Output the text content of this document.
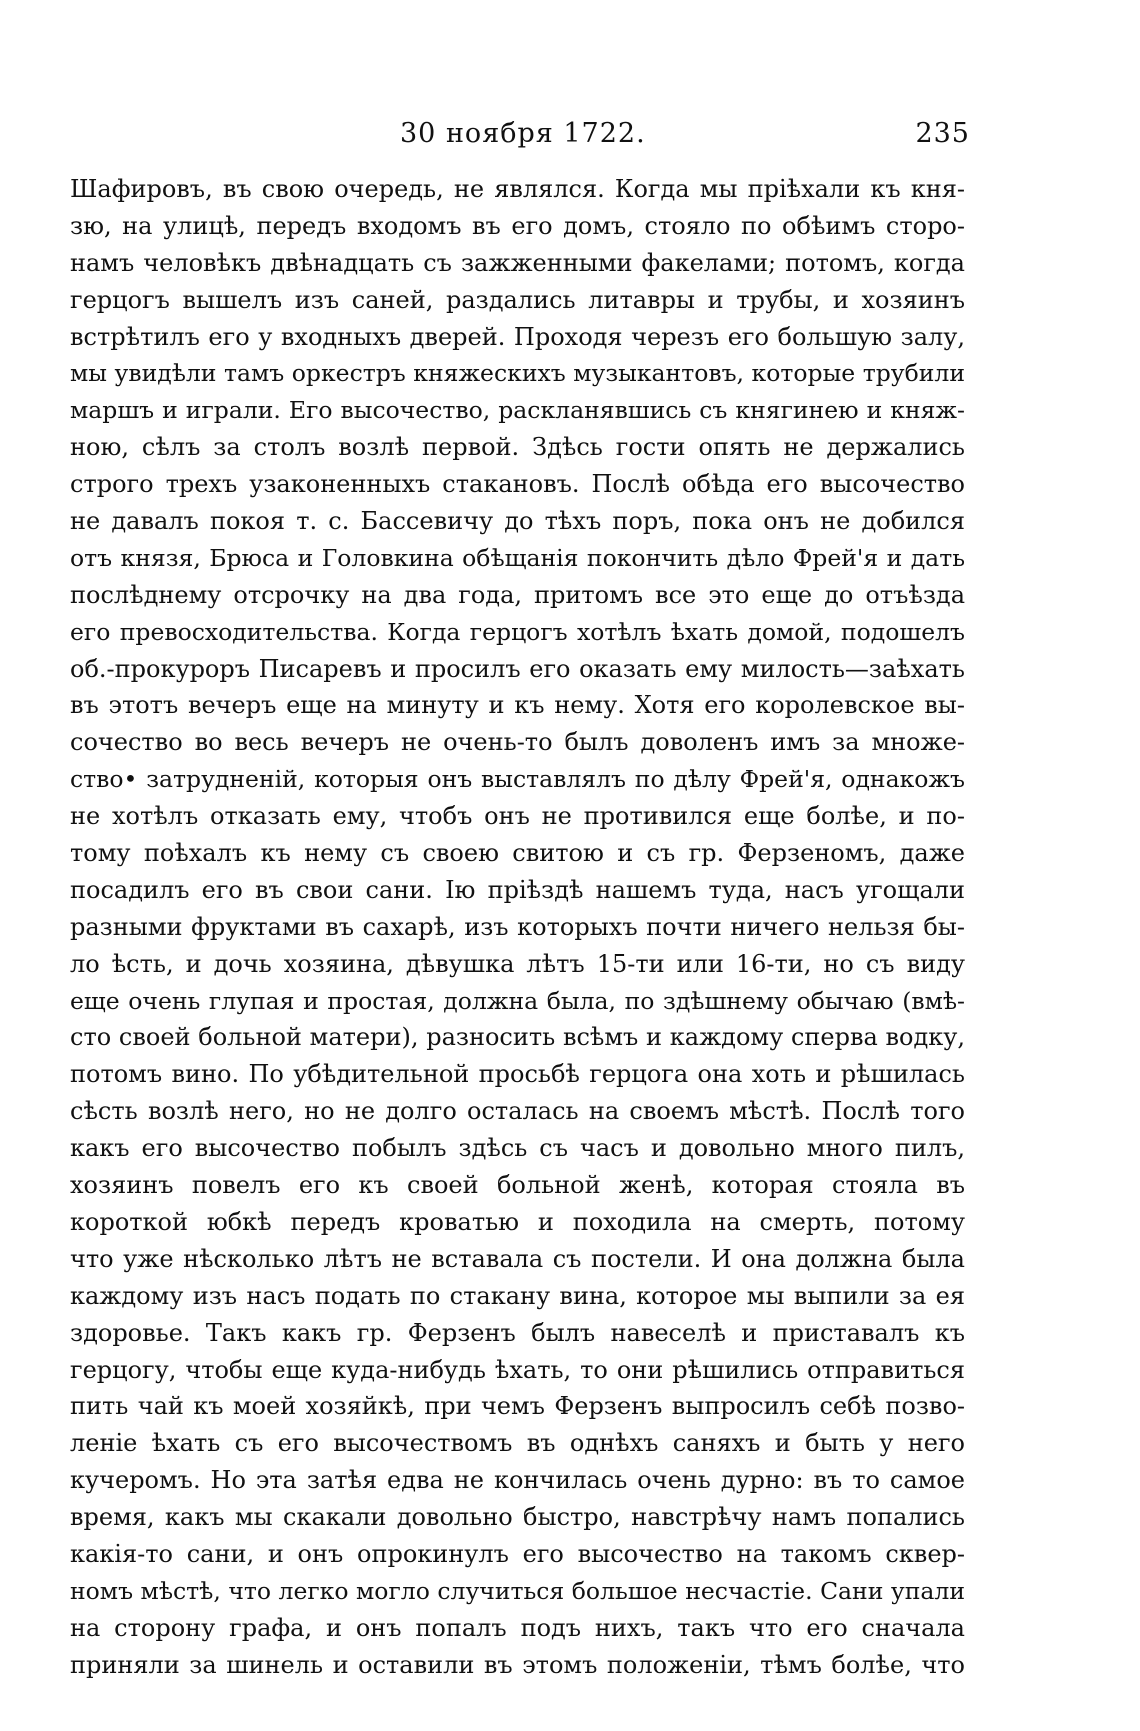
30 ноября 1722.	235
Шафировъ, въ свою очередь, не являлся. Когда мы пріѣхали къ кня-
зю, на улицѣ, передъ входомъ въ его домъ, стояло по обѣимъ сторо-
намъ человѣкъ двѣнадцать съ зажженными факелами; потомъ, когда
герцогъ вышелъ изъ саней, раздались литавры и трубы, и хозяинъ
встрѣтилъ его у входныхъ дверей. Проходя черезъ его большую залу,
мы увидѣли тамъ оркестръ княжескихъ музыкантовъ, которые трубили
маршъ и играли. Его высочество, раскланявшись съ княгинею и княж-
ною, сѣлъ за столъ возлѣ первой. Здѣсь гости опять не держались
строго трехъ узаконенныхъ стакановъ. Послѣ обѣда его высочество
не давалъ покоя т. с. Бассевичу до тѣхъ поръ, пока онъ не добился
отъ князя, Брюса и Головкина обѣщанія покончить дѣло Фрей'я и дать
послѣднему отсрочку на два года, притомъ все это еще до отъѣзда
его превосходительства. Когда герцогъ хотѣлъ ѣхать домой, подошелъ
об.-прокуроръ Писаревъ и просилъ его оказать ему милость—заѣхать
въ этотъ вечеръ еще на минуту и къ нему. Хотя его королевское вы-
сочество во весь вечеръ не очень-то былъ доволенъ имъ за множе-
ство• затрудненій, которыя онъ выставлялъ по дѣлу Фрей'я, однакожъ
не хотѣлъ отказать ему, чтобъ онъ не противился еще болѣе, и по-
тому поѣхалъ къ нему съ своею свитою и съ гр. Ферзеномъ, даже
посадилъ его въ свои сани. Ію пріѣздѣ нашемъ туда, насъ угощали
разными фруктами въ сахарѣ, изъ которыхъ почти ничего нельзя бы-
ло ѣсть, и дочь хозяина, дѣвушка лѣтъ 15-ти или 16-ти, но съ виду
еще очень глупая и простая, должна была, по здѣшнему обычаю (вмѣ-
сто своей больной матери), разносить всѣмъ и каждому сперва водку,
потомъ вино. По убѣдительной просьбѣ герцога она хоть и рѣшилась
сѣсть возлѣ него, но не долго осталась на своемъ мѣстѣ. Послѣ того
какъ его высочество побылъ здѣсь съ часъ и довольно много пилъ,
хозяинъ повелъ его къ своей больной женѣ, которая стояла въ
короткой юбкѣ передъ кроватью и походила на смерть, потому
что уже нѣсколько лѣтъ не вставала съ постели. И она должна была
каждому изъ насъ подать по стакану вина, которое мы выпили за ея
здоровье. Такъ какъ гр. Ферзенъ былъ навеселѣ и приставалъ къ
герцогу, чтобы еще куда-нибудь ѣхать, то они рѣшились отправиться
пить чай къ моей хозяйкѣ, при чемъ Ферзенъ выпросилъ себѣ позво-
леніе ѣхать съ его высочествомъ въ однѣхъ саняхъ и быть у него
кучеромъ. Но эта затѣя едва не кончилась очень дурно: въ то самое
время, какъ мы скакали довольно быстро, навстрѣчу намъ попались
какія-то сани, и онъ опрокинулъ его высочество на такомъ сквер-
номъ мѣстѣ, что легко могло случиться большое несчастіе. Сани упали
на сторону графа, и онъ попалъ подъ нихъ, такъ что его сначала
приняли за шинель и оставили въ этомъ положеніи, тѣмъ болѣе, что
